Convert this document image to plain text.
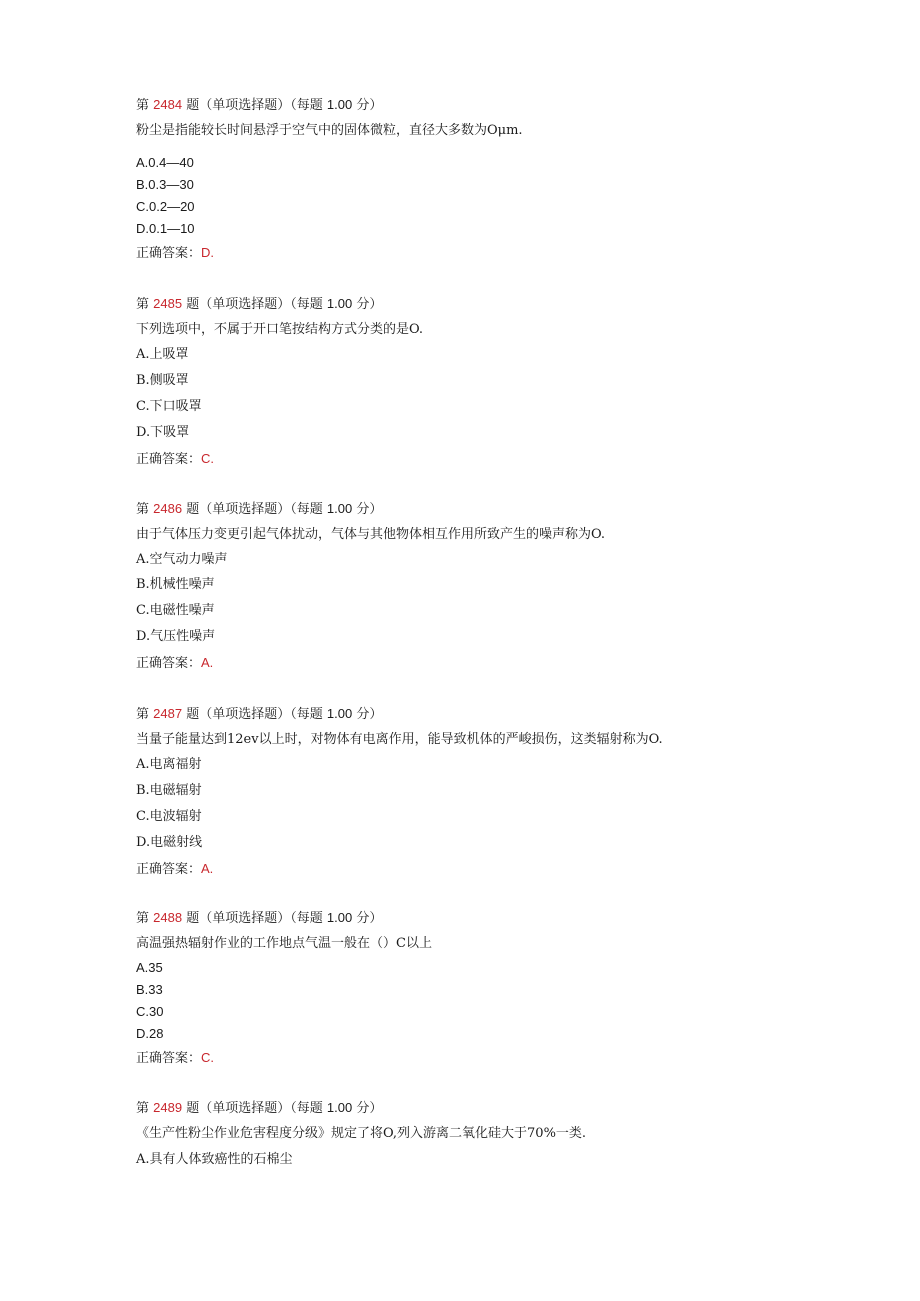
第 2484 题（单项选择题）（每题 1.00 分）
粉尘是指能较长时间悬浮于空气中的固体微粒，直径大多数为Oμm.
A.0.4—40
B.0.3—30
C.0.2—20
D.0.1—10
正确答案：D.
第 2485 题（单项选择题）（每题 1.00 分）
下列选项中，不属于开口笔按结构方式分类的是O.
A.上吸罩
B.侧吸罩
C.下口吸罩
D.下吸罩
正确答案：C.
第 2486 题（单项选择题）（每题 1.00 分）
由于气体压力变更引起气体扰动，气体与其他物体相互作用所致产生的噪声称为O.
A.空气动力噪声
B.机械性噪声
C.电磁性噪声
D.气压性噪声
正确答案：A.
第 2487 题（单项选择题）（每题 1.00 分）
当量子能量达到12ev以上时，对物体有电离作用，能导致机体的严峻损伤，这类辐射称为O.
A.电离福射
B.电磁辐射
C.电波辐射
D.电磁射线
正确答案：A.
第 2488 题（单项选择题）（每题 1.00 分）
高温强热辐射作业的工作地点气温一般在（）C以上
A.35
B.33
C.30
D.28
正确答案：C.
第 2489 题（单项选择题）（每题 1.00 分）
《生产性粉尘作业危害程度分级》规定了将O,列入游离二氧化硅大于70%一类.
A.具有人体致癌性的石棉尘
